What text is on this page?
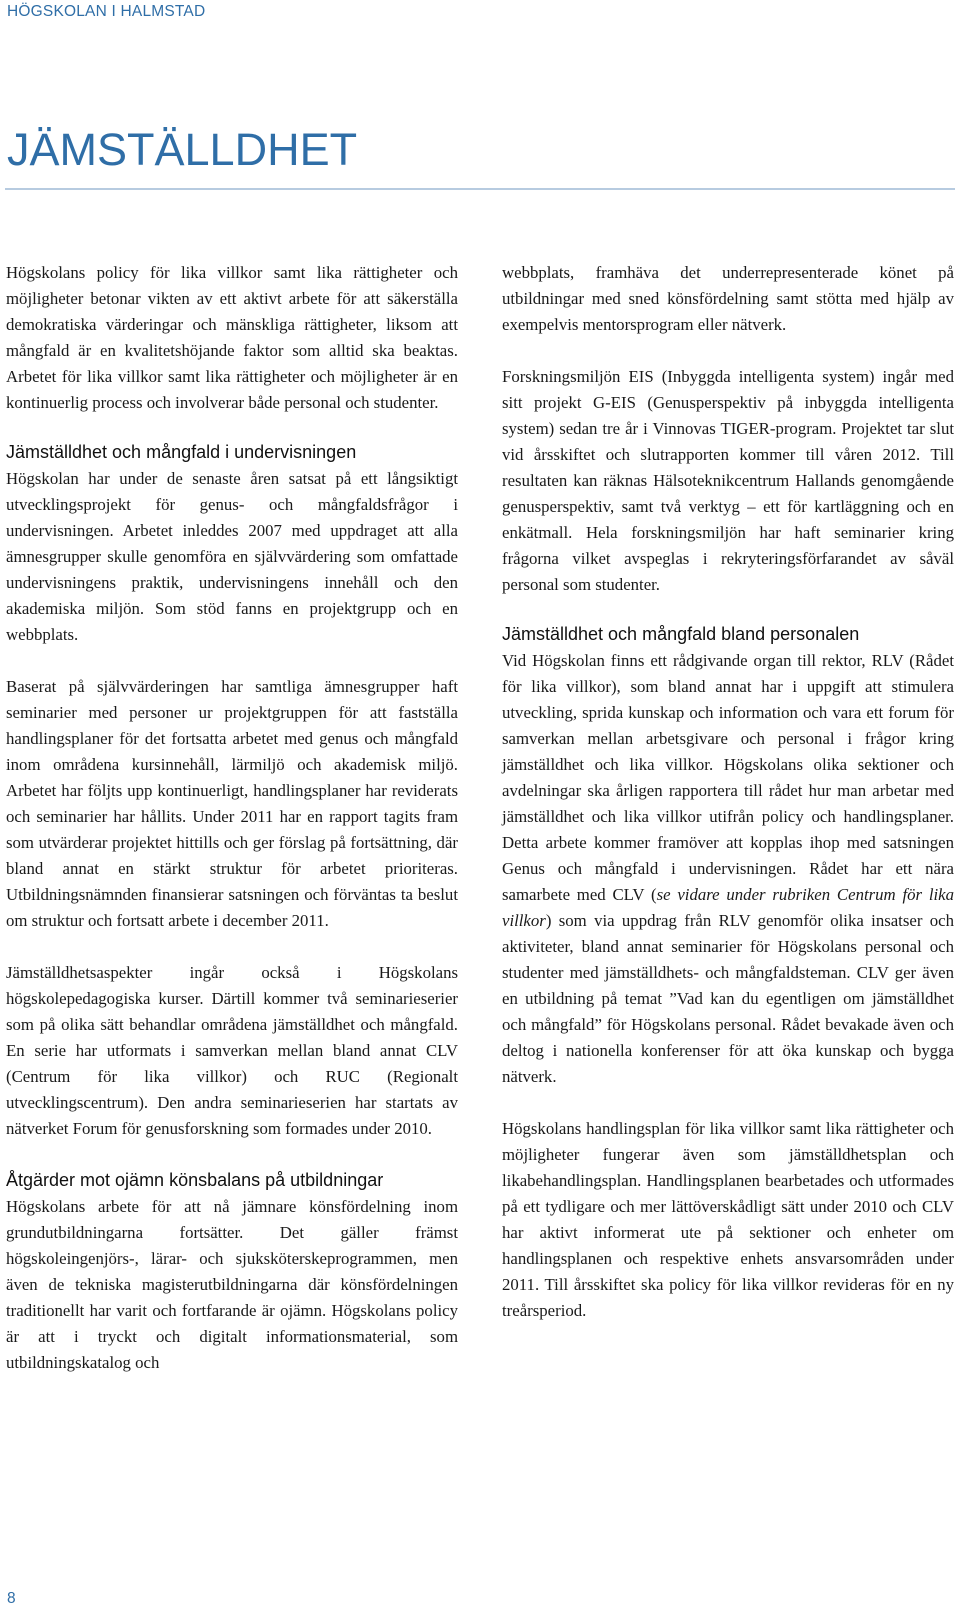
HÖGSKOLAN I HALMSTAD
JÄMSTÄLLDHET

Högskolans policy för lika villkor samt lika rättigheter och möjligheter betonar vikten av ett aktivt arbete för att säkerställa demokratiska värderingar och mänskliga rättigheter, liksom att mångfald är en kvalitetshöjande faktor som alltid ska beaktas. Arbetet för lika villkor samt lika rättigheter och möjligheter är en kontinuerlig process och involverar både personal och studenter.

Jämställdhet och mångfald i undervisningen

Högskolan har under de senaste åren satsat på ett långsiktigt utvecklingsprojekt för genus- och mångfaldsfrågor i undervisningen. Arbetet inleddes 2007 med uppdraget att alla ämnesgrupper skulle genomföra en självvärdering som omfattade undervisningens praktik, undervisningens innehåll och den akademiska miljön. Som stöd fanns en projektgrupp och en webbplats.

Baserat på självvärderingen har samtliga ämnesgrupper haft seminarier med personer ur projektgruppen för att fastställa handlingsplaner för det fortsatta arbetet med genus och mångfald inom områdena kursinnehåll, lärmiljö och akademisk miljö. Arbetet har följts upp kontinuerligt, handlingsplaner har reviderats och seminarier har hållits. Under 2011 har en rapport tagits fram som utvärderar projektet hittills och ger förslag på fortsättning, där bland annat en stärkt struktur för arbetet prioriteras. Utbildningsnämnden finansierar satsningen och förväntas ta beslut om struktur och fortsatt arbete i december 2011.

Jämställdhetsaspekter ingår också i Högskolans högskolepedagogiska kurser. Därtill kommer två seminarieserier som på olika sätt behandlar områdena jämställdhet och mångfald. En serie har utformats i samverkan mellan bland annat CLV (Centrum för lika villkor) och RUC (Regionalt utvecklingscentrum). Den andra seminarieserien har startats av nätverket Forum för genusforskning som formades under 2010.

Åtgärder mot ojämn könsbalans på utbildningar

Högskolans arbete för att nå jämnare könsfördelning inom grundutbildningarna fortsätter. Det gäller främst högskoleingenjörs-, lärar- och sjuksköterskeprogrammen, men även de tekniska magisterutbildningarna där könsfördelningen traditionellt har varit och fortfarande är ojämn. Högskolans policy är att i tryckt och digitalt informationsmaterial, som utbildningskatalog och

webbplats, framhäva det underrepresenterade könet på utbildningar med sned könsfördelning samt stötta med hjälp av exempelvis mentorsprogram eller nätverk.

Forskningsmiljön EIS (Inbyggda intelligenta system) ingår med sitt projekt G-EIS (Genusperspektiv på inbyggda intelligenta system) sedan tre år i Vinnovas TIGER-program. Projektet tar slut vid årsskiftet och slutrapporten kommer till våren 2012. Till resultaten kan räknas Hälsoteknikcentrum Hallands genomgående genusperspektiv, samt två verktyg – ett för kartläggning och en enkätmall. Hela forskningsmiljön har haft seminarier kring frågorna vilket avspeglas i rekryteringsförfarandet av såväl personal som studenter.

Jämställdhet och mångfald bland personalen

Vid Högskolan finns ett rådgivande organ till rektor, RLV (Rådet för lika villkor), som bland annat har i uppgift att stimulera utveckling, sprida kunskap och information och vara ett forum för samverkan mellan arbetsgivare och personal i frågor kring jämställdhet och lika villkor. Högskolans olika sektioner och avdelningar ska årligen rapportera till rådet hur man arbetar med jämställdhet och lika villkor utifrån policy och handlingsplaner. Detta arbete kommer framöver att kopplas ihop med satsningen Genus och mångfald i undervisningen. Rådet har ett nära samarbete med CLV (se vidare under rubriken Centrum för lika villkor) som via uppdrag från RLV genomför olika insatser och aktiviteter, bland annat seminarier för Högskolans personal och studenter med jämställdhets- och mångfaldsteman. CLV ger även en utbildning på temat ”Vad kan du egentligen om jämställdhet och mångfald” för Högskolans personal. Rådet bevakade även och deltog i nationella konferenser för att öka kunskap och bygga nätverk.

Högskolans handlingsplan för lika villkor samt lika rättigheter och möjligheter fungerar även som jämställdhetsplan och likabehandlingsplan. Handlingsplanen bearbetades och utformades på ett tydligare och mer lättöverskådligt sätt under 2010 och CLV har aktivt informerat ute på sektioner och enheter om handlingsplanen och respektive enhets ansvarsområden under 2011. Till årsskiftet ska policy för lika villkor revideras för en ny treårsperiod.

8
